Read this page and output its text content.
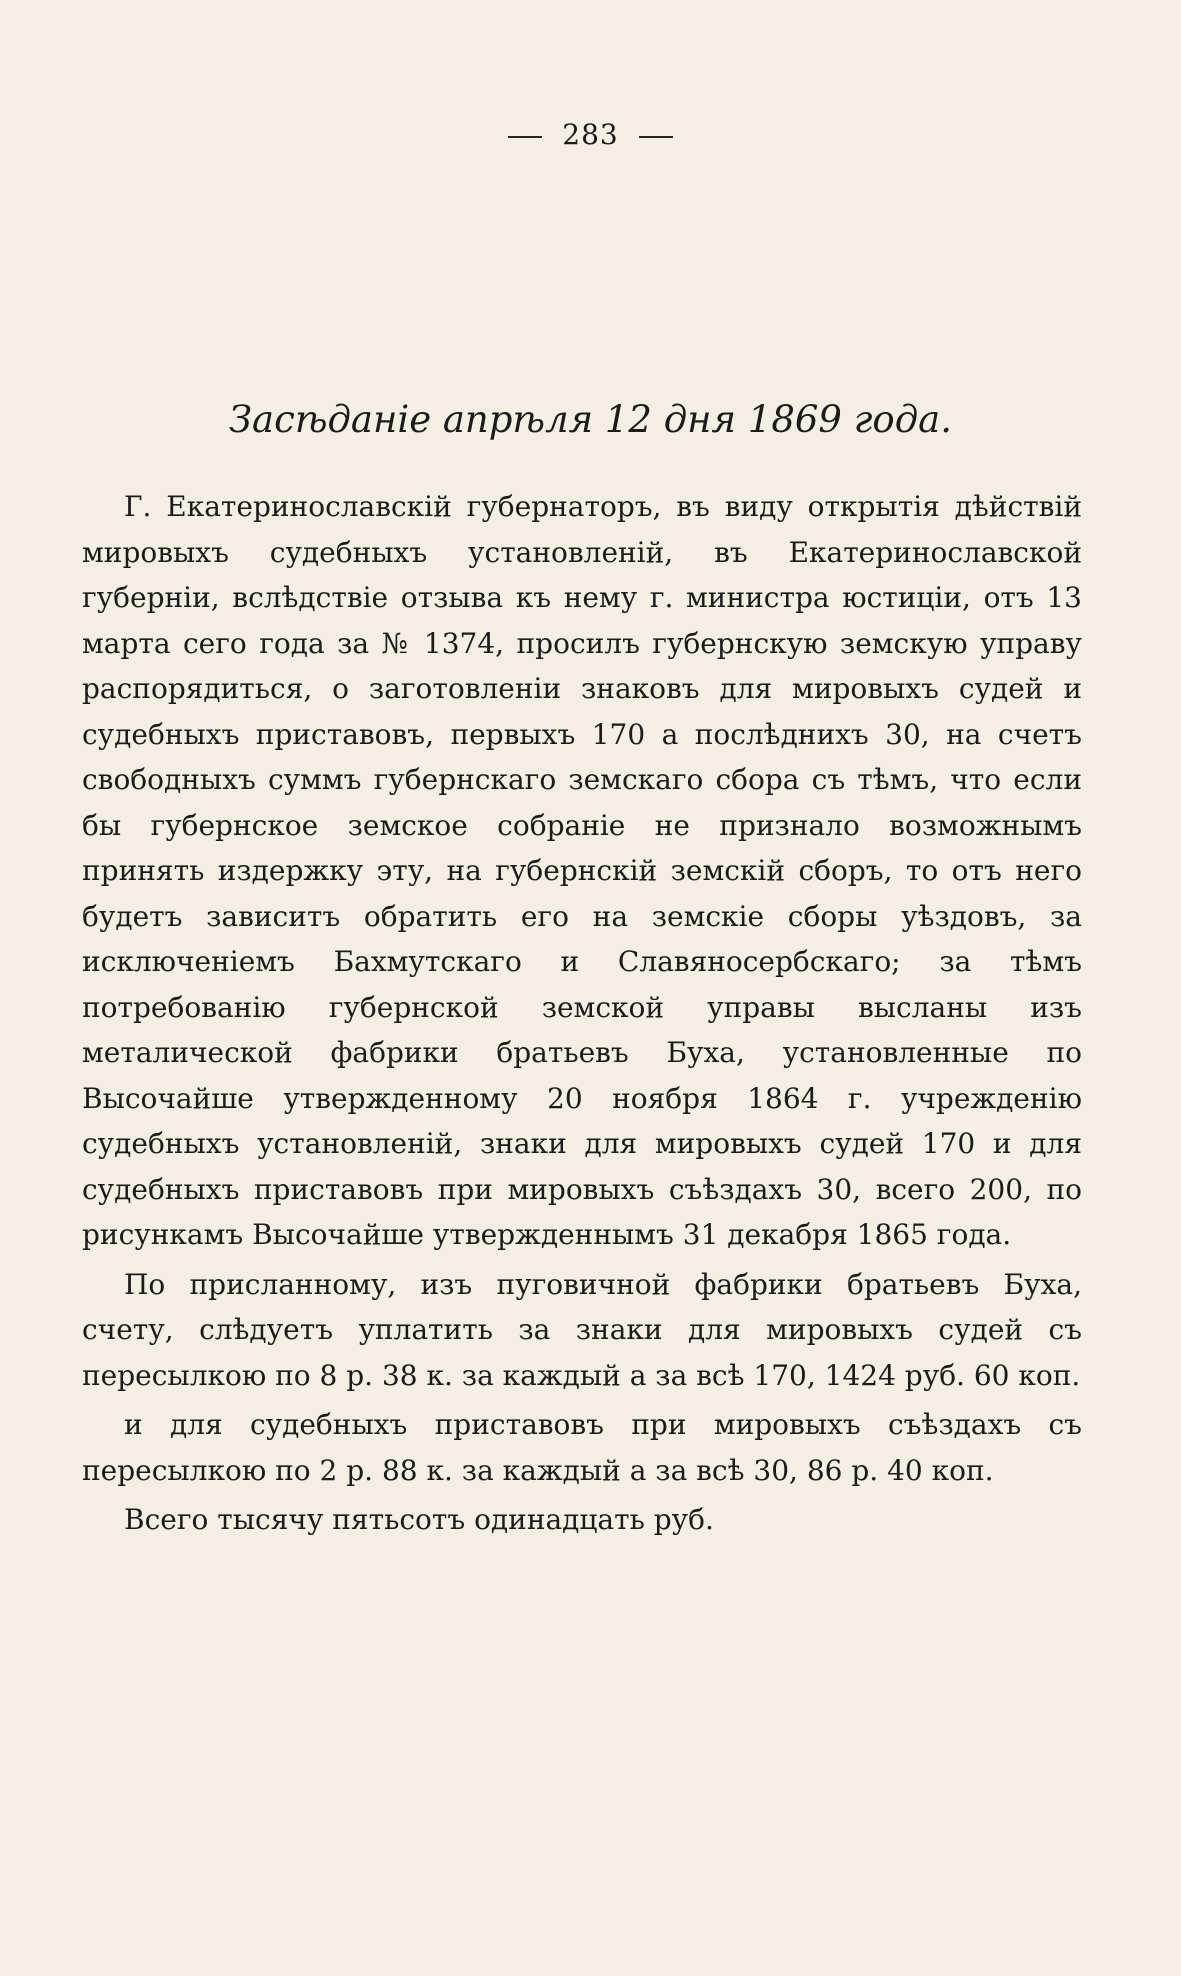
283
Засѣданіе апрѣля 12 дня 1869 года.

Г. Екатеринославскій губернаторъ, въ виду открытія дѣйствій мировыхъ судебныхъ установленій, въ Екатеринославской губерніи, вслѣдствіе отзыва къ нему г. министра юстиціи, отъ 13 марта сего года за № 1374, просилъ губернскую земскую управу распорядиться, о заготовленіи знаковъ для мировыхъ судей и судебныхъ приставовъ, первыхъ 170 а послѣднихъ 30, на счетъ свободныхъ суммъ губернскаго земскаго сбора съ тѣмъ, что если бы губернское земское собраніе не признало возможнымъ принять издержку эту, на губернскій земскій сборъ, то отъ него будетъ зависитъ обратить его на земскіе сборы уѣздовъ, за исключеніемъ Бахмутскаго и Славяносербскаго; за тѣмъ потребованію губернской земской управы высланы изъ металической фабрики братьевъ Буха, установленные по Высочайше утвержденному 20 ноября 1864 г. учрежденію судебныхъ установленій, знаки для мировыхъ судей 170 и для судебныхъ приставовъ при мировыхъ съѣздахъ 30, всего 200, по рисункамъ Высочайше утвержденнымъ 31 декабря 1865 года.

По присланному, изъ пуговичной фабрики братьевъ Буха, счету, слѣдуетъ уплатить за знаки для мировыхъ судей съ пересылкою по 8 р. 38 к. за каждый а за всѣ 170, 1424 руб. 60 коп.

и для судебныхъ приставовъ при мировыхъ съѣздахъ съ пересылкою по 2 р. 88 к. за каждый а за всѣ 30, 86 р. 40 коп.

Всего тысячу пятьсотъ одинадцать руб.
